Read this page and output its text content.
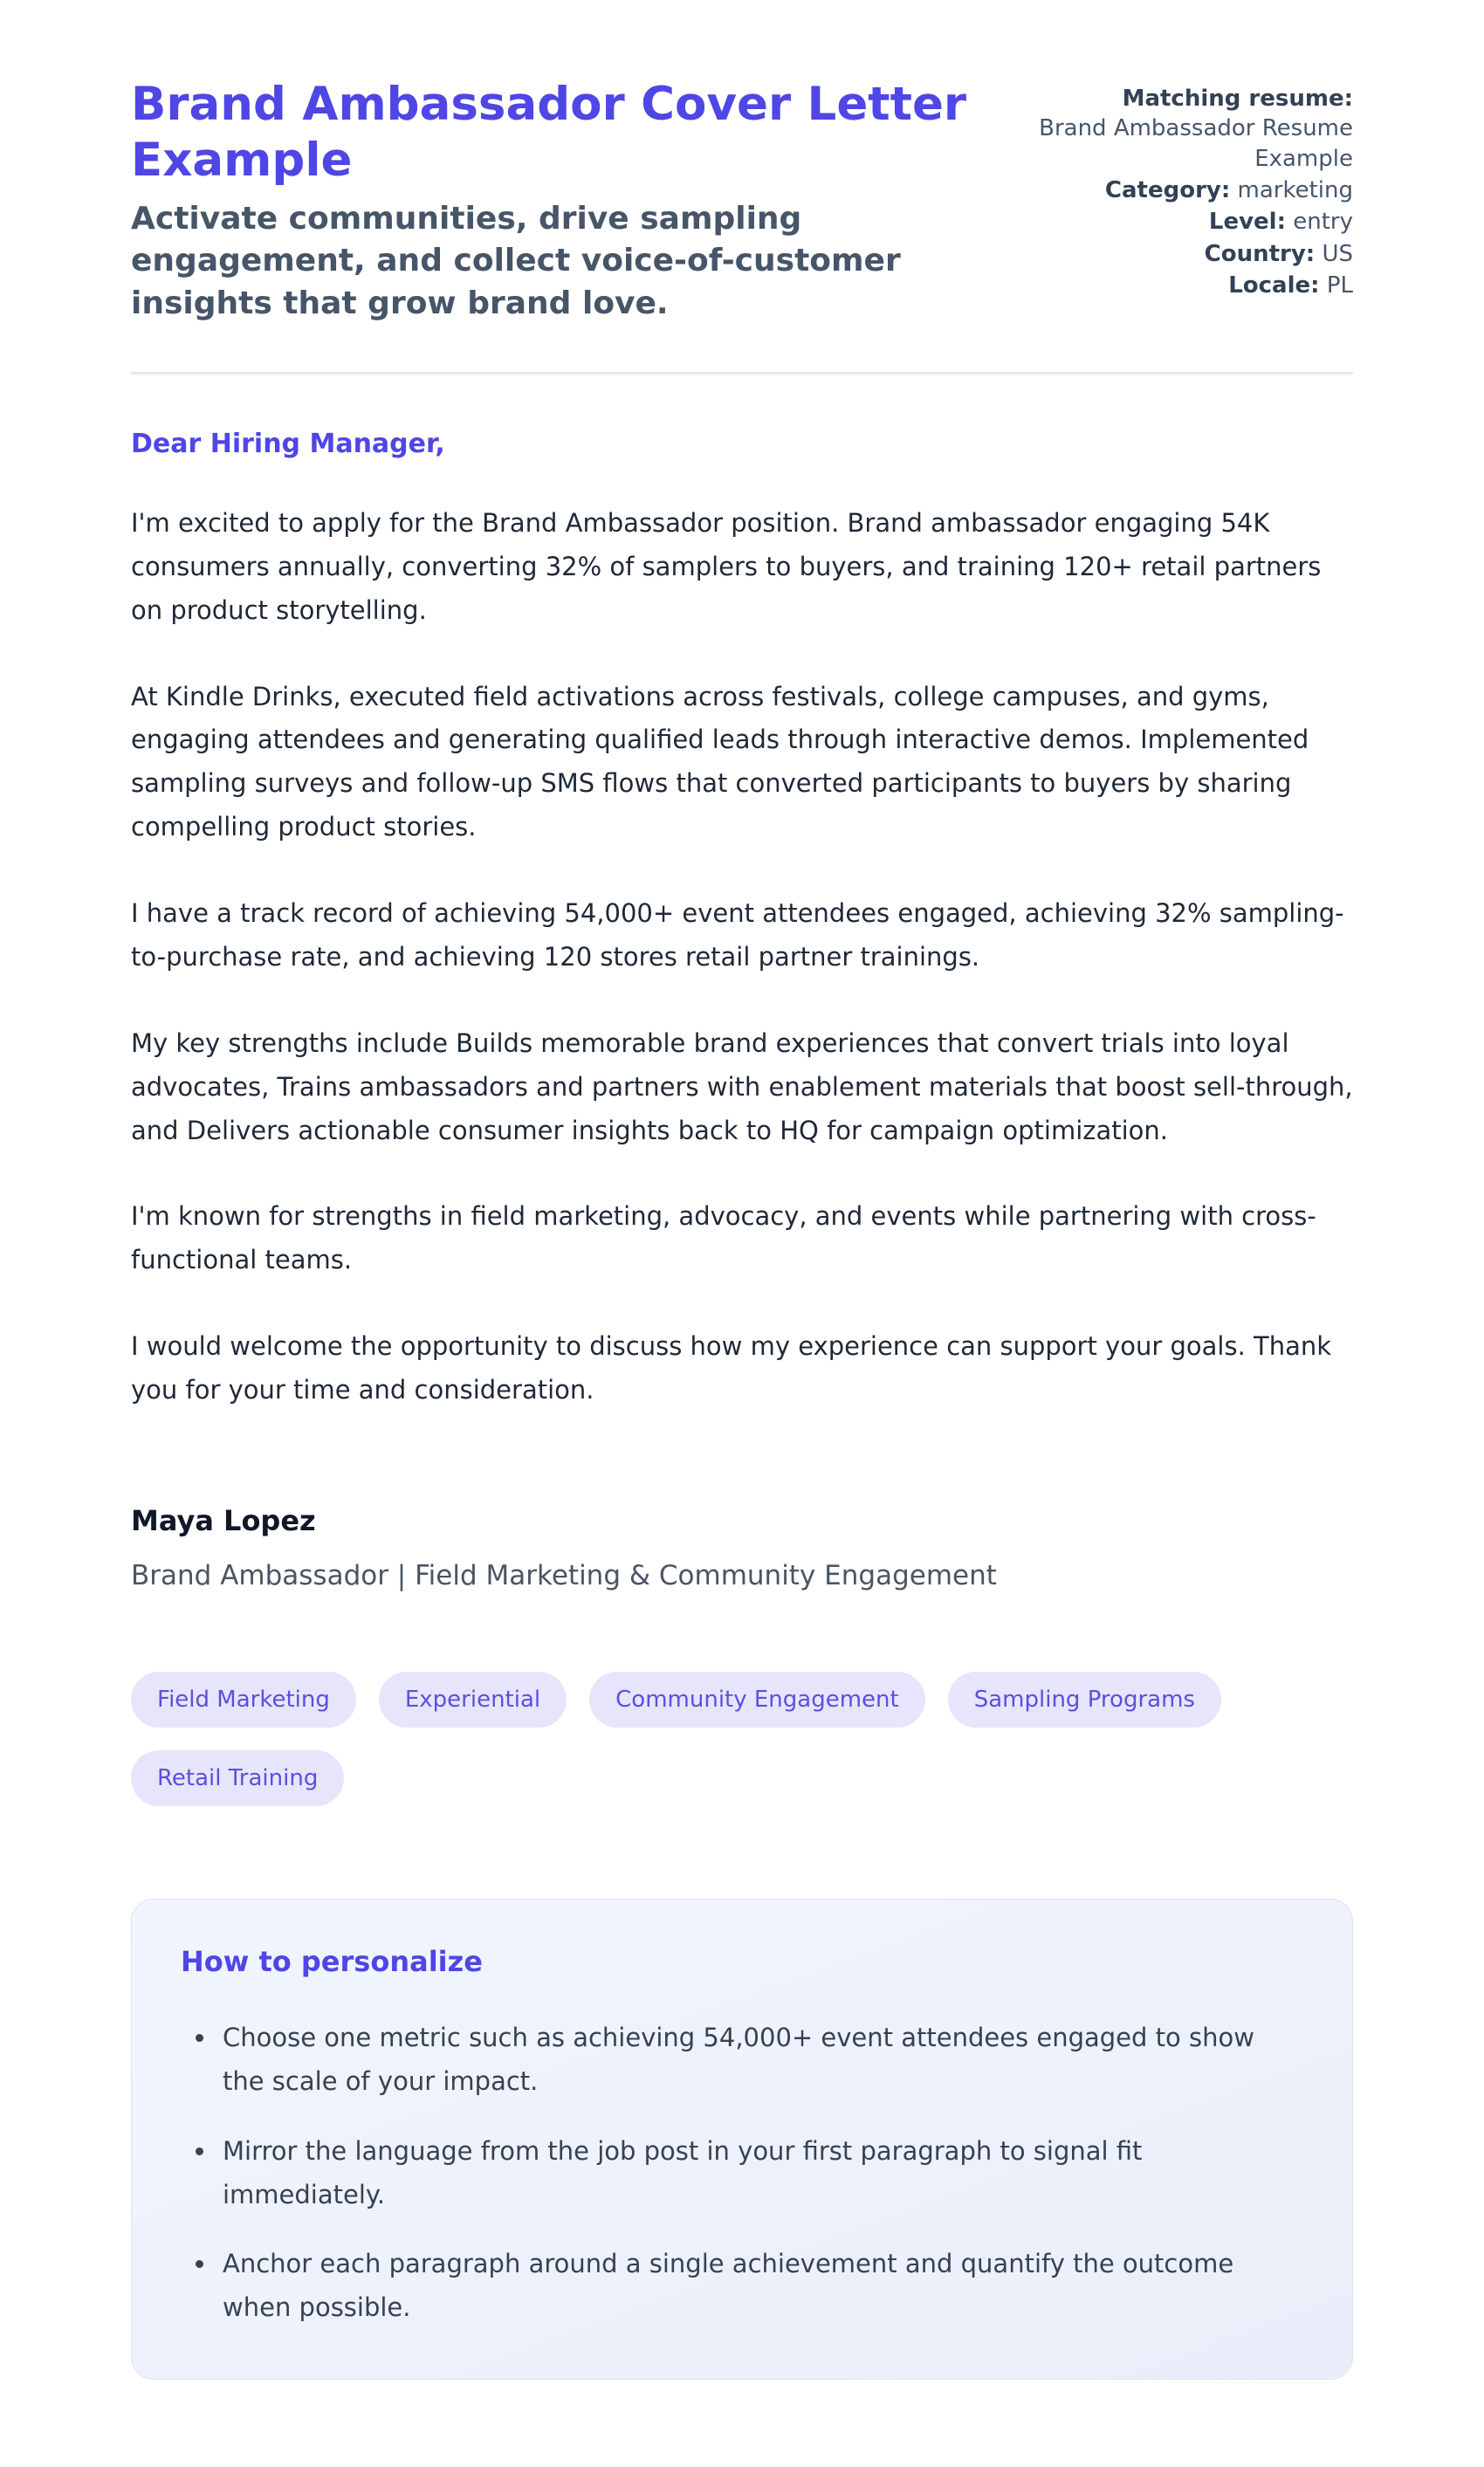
Brand Ambassador Cover Letter Example
Activate communities, drive sampling engagement, and collect voice-of-customer insights that grow brand love.
Matching resume:
Brand Ambassador Resume Example
Category: marketing
Level: entry
Country: US
Locale: PL
Dear Hiring Manager,

I'm excited to apply for the Brand Ambassador position. Brand ambassador engaging 54K consumers annually, converting 32% of samplers to buyers, and training 120+ retail partners on product storytelling.

At Kindle Drinks, executed field activations across festivals, college campuses, and gyms, engaging attendees and generating qualified leads through interactive demos. Implemented sampling surveys and follow-up SMS flows that converted participants to buyers by sharing compelling product stories.

I have a track record of achieving 54,000+ event attendees engaged, achieving 32% sampling-to-purchase rate, and achieving 120 stores retail partner trainings.

My key strengths include Builds memorable brand experiences that convert trials into loyal advocates, Trains ambassadors and partners with enablement materials that boost sell-through, and Delivers actionable consumer insights back to HQ for campaign optimization.

I'm known for strengths in field marketing, advocacy, and events while partnering with cross-functional teams.

I would welcome the opportunity to discuss how my experience can support your goals. Thank you for your time and consideration.

Maya Lopez
Brand Ambassador | Field Marketing & Community Engagement
Field Marketing	Experiential	Community Engagement	Sampling Programs
Retail Training
How to personalize
• Choose one metric such as achieving 54,000+ event attendees engaged to show the scale of your impact.
• Mirror the language from the job post in your first paragraph to signal fit immediately.
• Anchor each paragraph around a single achievement and quantify the outcome when possible.
